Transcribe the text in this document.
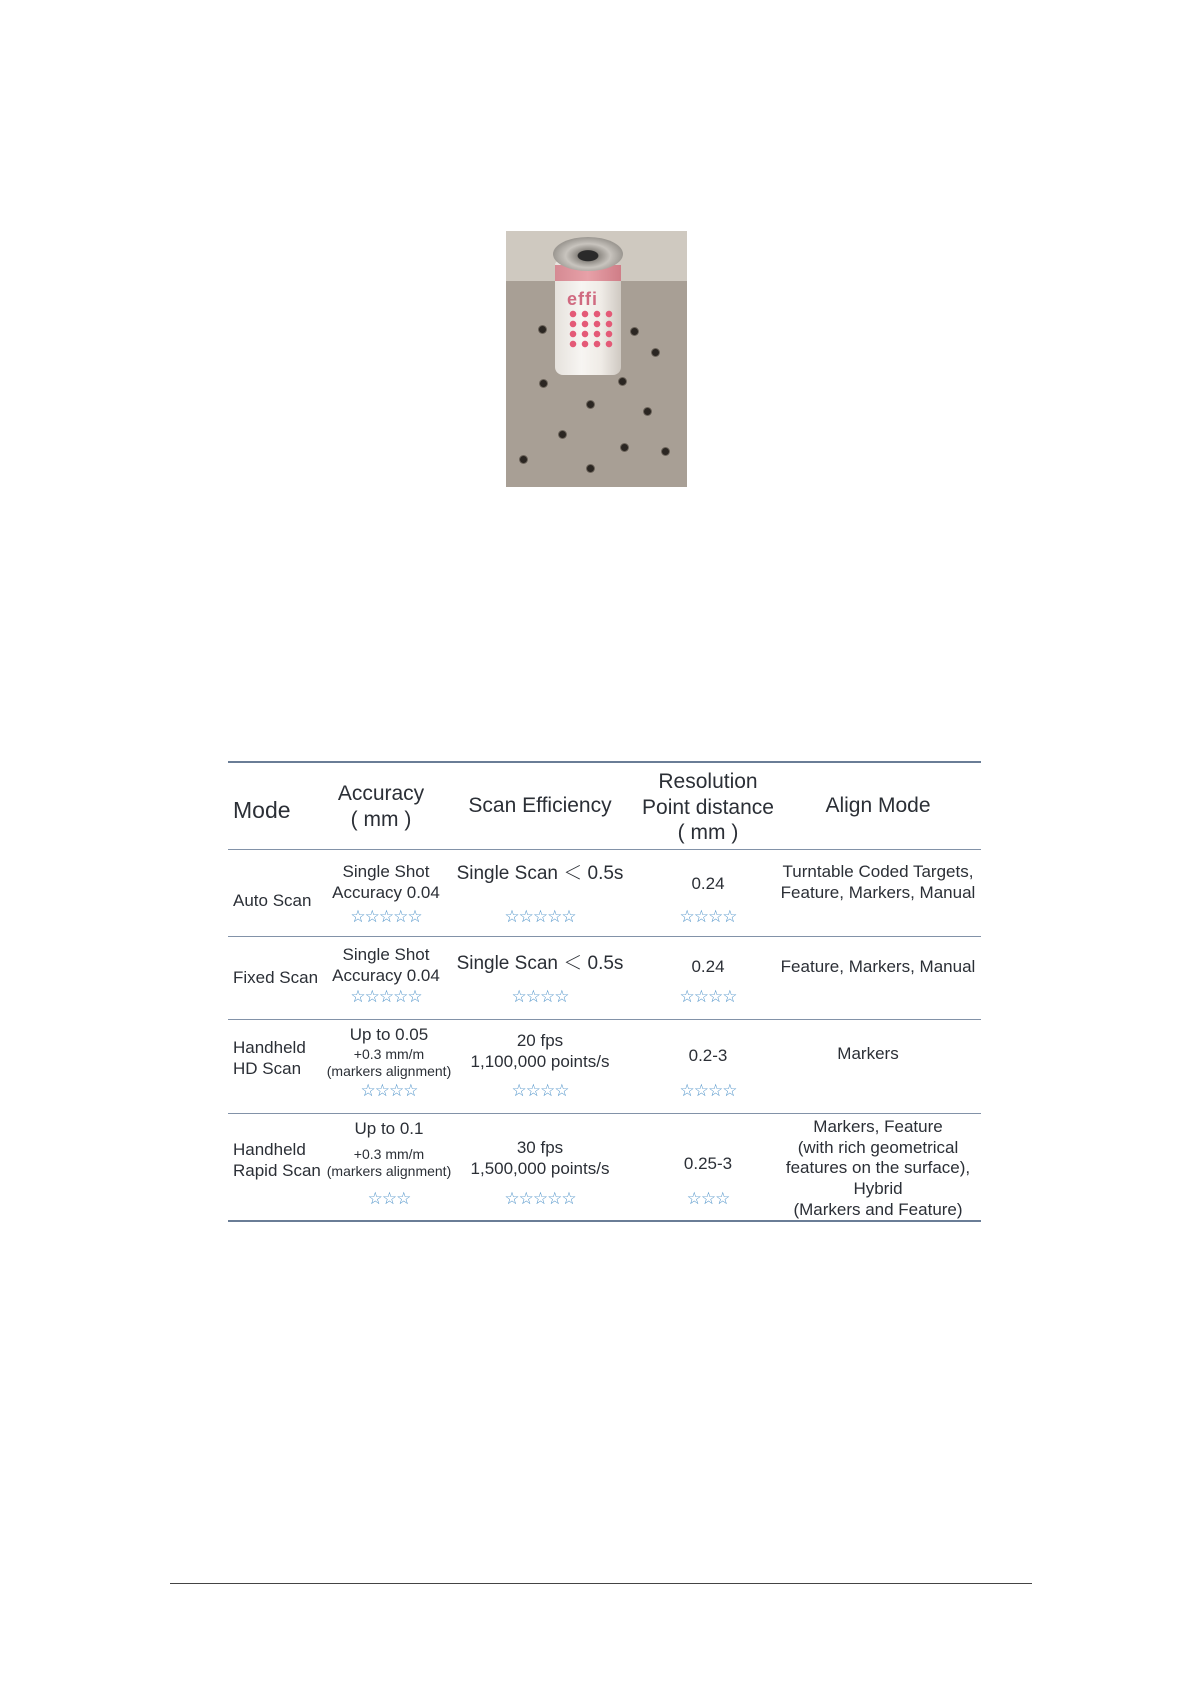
effi
Mode
Accuracy
( mm )
Scan Efficiency
Resolution
Point distance
( mm )
Align Mode
Auto Scan
Single Shot
Accuracy 0.04
☆☆☆☆☆
Single Scan ＜ 0.5s
☆☆☆☆☆
0.24
☆☆☆☆
Turntable Coded Targets,
Feature, Markers, Manual
Fixed Scan
Single Shot
Accuracy 0.04
☆☆☆☆☆
Single Scan ＜ 0.5s
☆☆☆☆
0.24
☆☆☆☆
Feature, Markers, Manual
Handheld
HD Scan
Up to 0.05
+0.3 mm/m
(markers alignment)
☆☆☆☆
20 fps
1,100,000 points/s
☆☆☆☆
0.2-3
☆☆☆☆
Markers
Handheld
Rapid Scan
Up to 0.1
+0.3 mm/m
(markers alignment)
☆☆☆
30 fps
1,500,000 points/s
☆☆☆☆☆
0.25-3
☆☆☆
Markers, Feature
(with rich geometrical
features on the surface),
Hybrid
(Markers and Feature)
